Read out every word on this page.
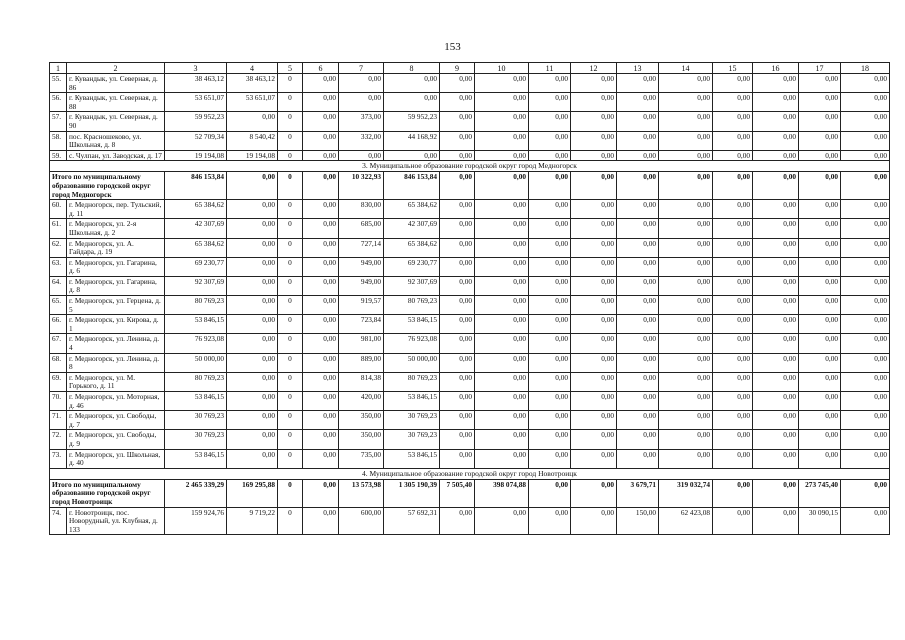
153
1	2	3	4	5	6	7	8	9	10	11	12	13	14	15	16	17	18
55.	г. Кувандык, ул. Северная, д. 86	38 463,12	38 463,12	0	0,00	0,00	0,00	0,00	0,00	0,00	0,00	0,00	0,00	0,00	0,00	0,00	0,00
56.	г. Кувандык, ул. Северная, д. 88	53 651,07	53 651,07	0	0,00	0,00	0,00	0,00	0,00	0,00	0,00	0,00	0,00	0,00	0,00	0,00	0,00
57.	г. Кувандык, ул. Северная, д. 90	59 952,23	0,00	0	0,00	373,00	59 952,23	0,00	0,00	0,00	0,00	0,00	0,00	0,00	0,00	0,00	0,00
58.	пос. Красношеково, ул. Школьная, д. 8	52 709,34	8 540,42	0	0,00	332,00	44 168,92	0,00	0,00	0,00	0,00	0,00	0,00	0,00	0,00	0,00	0,00
59.	с. Чулпан, ул. Заводская, д. 17	19 194,08	19 194,08	0	0,00	0,00	0,00	0,00	0,00	0,00	0,00	0,00	0,00	0,00	0,00	0,00	0,00
3. Муниципальное образование городской округ город Медногорск																	
Итого по муниципальному образованию городской округ город Медногорск		846 153,84	0,00	0	0,00	10 322,93	846 153,84	0,00	0,00	0,00	0,00	0,00	0,00	0,00	0,00	0,00	0,00
60.	г. Медногорск, пер. Тульский, д. 11	65 384,62	0,00	0	0,00	830,00	65 384,62	0,00	0,00	0,00	0,00	0,00	0,00	0,00	0,00	0,00	0,00
61.	г. Медногорск, ул. 2-я Школьная, д. 2	42 307,69	0,00	0	0,00	685,00	42 307,69	0,00	0,00	0,00	0,00	0,00	0,00	0,00	0,00	0,00	0,00
62.	г. Медногорск, ул. А. Гайдара, д. 19	65 384,62	0,00	0	0,00	727,14	65 384,62	0,00	0,00	0,00	0,00	0,00	0,00	0,00	0,00	0,00	0,00
63.	г. Медногорск, ул. Гагарина, д. 6	69 230,77	0,00	0	0,00	949,00	69 230,77	0,00	0,00	0,00	0,00	0,00	0,00	0,00	0,00	0,00	0,00
64.	г. Медногорск, ул. Гагарина, д. 8	92 307,69	0,00	0	0,00	949,00	92 307,69	0,00	0,00	0,00	0,00	0,00	0,00	0,00	0,00	0,00	0,00
65.	г. Медногорск, ул. Герцена, д. 5	80 769,23	0,00	0	0,00	919,57	80 769,23	0,00	0,00	0,00	0,00	0,00	0,00	0,00	0,00	0,00	0,00
66.	г. Медногорск, ул. Кирова, д. 1	53 846,15	0,00	0	0,00	723,84	53 846,15	0,00	0,00	0,00	0,00	0,00	0,00	0,00	0,00	0,00	0,00
67.	г. Медногорск, ул. Ленина, д. 4	76 923,08	0,00	0	0,00	981,00	76 923,08	0,00	0,00	0,00	0,00	0,00	0,00	0,00	0,00	0,00	0,00
68.	г. Медногорск, ул. Ленина, д. 8	50 000,00	0,00	0	0,00	889,00	50 000,00	0,00	0,00	0,00	0,00	0,00	0,00	0,00	0,00	0,00	0,00
69.	г. Медногорск, ул. М. Горького, д. 11	80 769,23	0,00	0	0,00	814,38	80 769,23	0,00	0,00	0,00	0,00	0,00	0,00	0,00	0,00	0,00	0,00
70.	г. Медногорск, ул. Моторная, д. 46	53 846,15	0,00	0	0,00	420,00	53 846,15	0,00	0,00	0,00	0,00	0,00	0,00	0,00	0,00	0,00	0,00
71.	г. Медногорск, ул. Свободы, д. 7	30 769,23	0,00	0	0,00	350,00	30 769,23	0,00	0,00	0,00	0,00	0,00	0,00	0,00	0,00	0,00	0,00
72.	г. Медногорск, ул. Свободы, д. 9	30 769,23	0,00	0	0,00	350,00	30 769,23	0,00	0,00	0,00	0,00	0,00	0,00	0,00	0,00	0,00	0,00
73.	г. Медногорск, ул. Школьная, д. 40	53 846,15	0,00	0	0,00	735,00	53 846,15	0,00	0,00	0,00	0,00	0,00	0,00	0,00	0,00	0,00	0,00
4. Муниципальное образование городской округ город Новотроицк																	
Итого по муниципальному образованию городской округ город Новотроицк		2 465 339,29	169 295,88	0	0,00	13 573,98	1 305 190,39	7 505,40	398 074,88	0,00	0,00	3 679,71	319 032,74	0,00	0,00	273 745,40	0,00
74.	г. Новотроицк, пос. Новорудный, ул. Клубная, д. 133	159 924,76	9 719,22	0	0,00	600,00	57 692,31	0,00	0,00	0,00	0,00	150,00	62 423,08	0,00	0,00	30 090,15	0,00
